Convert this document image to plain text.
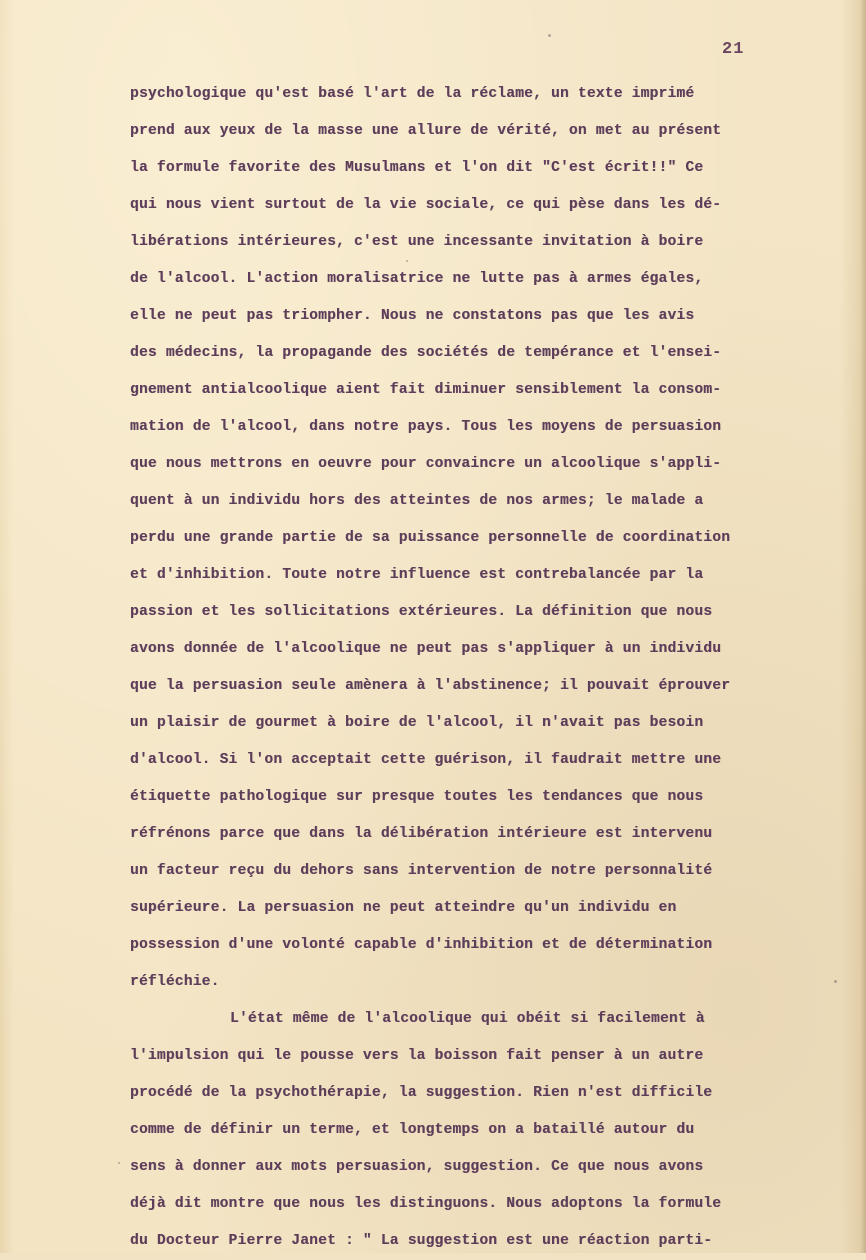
21
psychologique qu'est basé l'art de la réclame, un texte imprimé
prend aux yeux de la masse une allure de vérité, on met au présent
la formule favorite des Musulmans et l'on dit "C'est écrit!!" Ce
qui nous vient surtout de la vie sociale, ce qui pèse dans les dé-
libérations intérieures, c'est une incessante invitation à boire
de l'alcool. L'action moralisatrice ne lutte pas à armes égales,
elle ne peut pas triompher. Nous ne constatons pas que les avis
des médecins, la propagande des sociétés de tempérance et l'ensei-
gnement antialcoolique aient fait diminuer sensiblement la consom-
mation de l'alcool, dans notre pays. Tous les moyens de persuasion
que nous mettrons en oeuvre pour convaincre un alcoolique s'appli-
quent à un individu hors des atteintes de nos armes; le malade a
perdu une grande partie de sa puissance personnelle de coordination
et d'inhibition. Toute notre influence est contrebalancée par la
passion et les sollicitations extérieures. La définition que nous
avons donnée de l'alcoolique ne peut pas s'appliquer à un individu
que la persuasion seule amènera à l'abstinence; il pouvait éprouver
un plaisir de gourmet à boire de l'alcool, il n'avait pas besoin
d'alcool. Si l'on acceptait cette guérison, il faudrait mettre une
étiquette pathologique sur presque toutes les tendances que nous
réfrénons parce que dans la délibération intérieure est intervenu
un facteur reçu du dehors sans intervention de notre personnalité
supérieure. La persuasion ne peut atteindre qu'un individu en
possession d'une volonté capable d'inhibition et de détermination
réfléchie.
L'état même de l'alcoolique qui obéit si facilement à
l'impulsion qui le pousse vers la boisson fait penser à un autre
procédé de la psychothérapie, la suggestion. Rien n'est difficile
comme de définir un terme, et longtemps on a bataillé autour du
sens à donner aux mots persuasion, suggestion. Ce que nous avons
déjà dit montre que nous les distinguons. Nous adoptons la formule
du Docteur Pierre Janet : " La suggestion est une réaction parti-
